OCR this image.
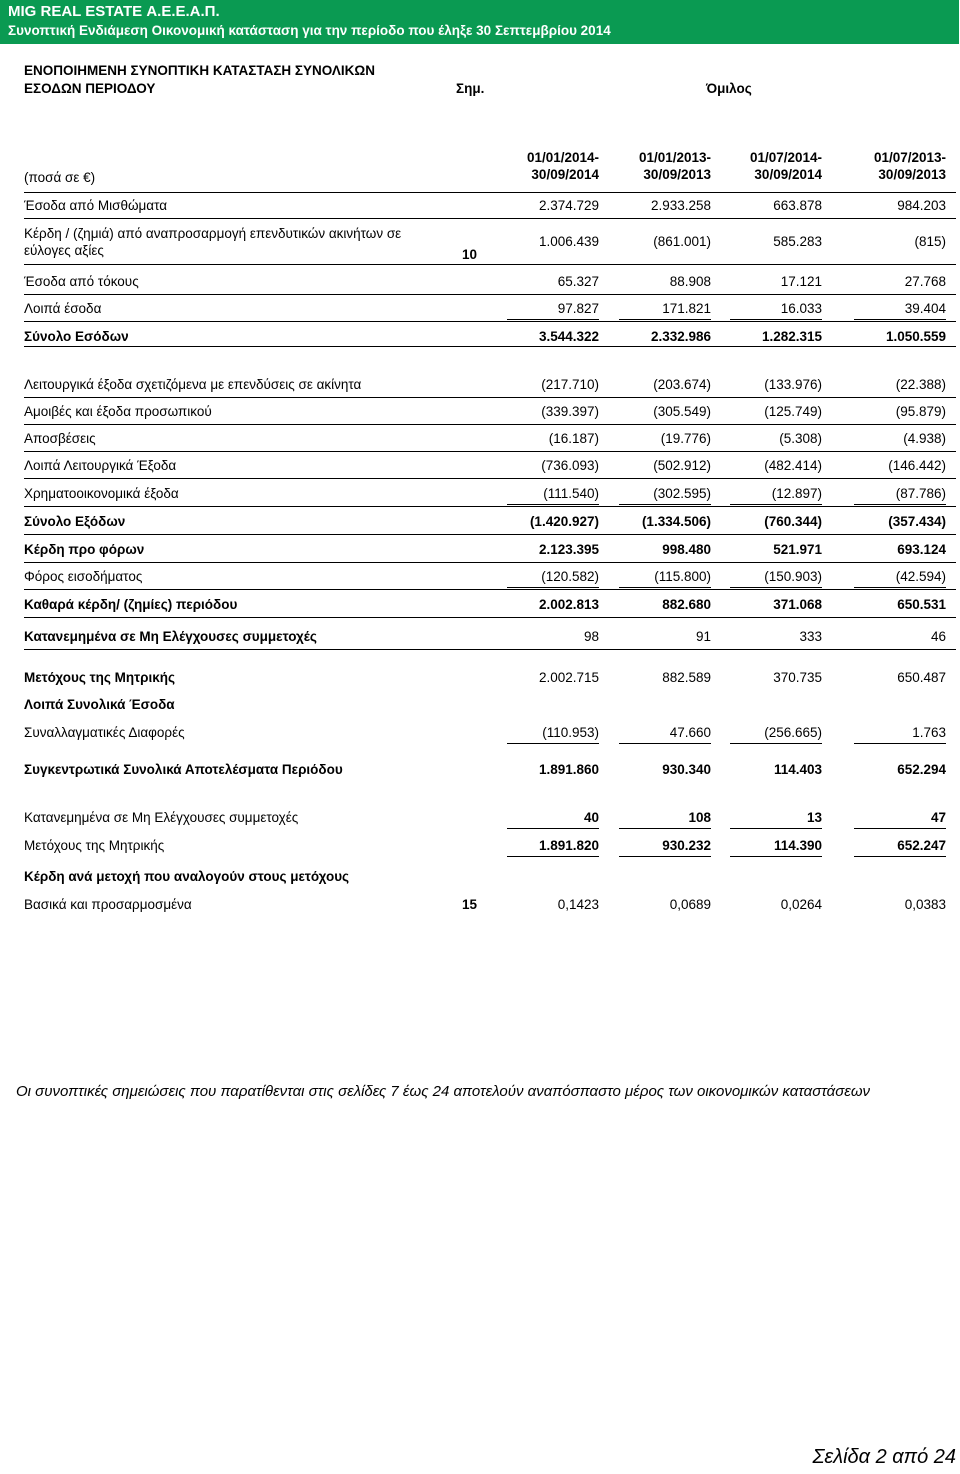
MIG REAL ESTATE Α.Ε.Ε.Α.Π.
Συνοπτική Ενδιάμεση Οικονομική κατάσταση για την περίοδο που έληξε 30 Σεπτεμβρίου 2014
ΕΝΟΠΟΙΗΜΕΝΗ ΣΥΝΟΠΤΙΚΗ ΚΑΤΑΣΤΑΣΗ ΣΥΝΟΛΙΚΩΝ
ΕΣΟΔΩΝ ΠΕΡΙΟΔΟΥ	Σημ.	Όμιλος
(ποσά σε €)
01/01/2014-
30/09/2014
01/01/2013-
30/09/2013
01/07/2014-
30/09/2014
01/07/2013-
30/09/2013
Έσοδα από Μισθώματα	2.374.729	2.933.258	663.878	984.203
Κέρδη / (ζημιά) από αναπροσαρμογή επενδυτικών ακινήτων σε
εύλογες αξίες	10
1.006.439	(861.001)	585.283	(815)
Έσοδα από τόκους	65.327	88.908	17.121	27.768
Λοιπά έσοδα	97.827	171.821	16.033	39.404
Σύνολο Εσόδων	3.544.322	2.332.986	1.282.315	1.050.559
Λειτουργικά έξοδα σχετιζόμενα με επενδύσεις σε ακίνητα	(217.710)	(203.674)	(133.976)	(22.388)
Αμοιβές και έξοδα προσωπικού	(339.397)	(305.549)	(125.749)	(95.879)
Αποσβέσεις	(16.187)	(19.776)	(5.308)	(4.938)
Λοιπά Λειτουργικά Έξοδα	(736.093)	(502.912)	(482.414)	(146.442)
Χρηματοοικονομικά έξοδα	(111.540)	(302.595)	(12.897)	(87.786)
Σύνολο Εξόδων	(1.420.927)	(1.334.506)	(760.344)	(357.434)
Κέρδη προ φόρων	2.123.395	998.480	521.971	693.124
Φόρος εισοδήματος	(120.582)	(115.800)	(150.903)	(42.594)
Καθαρά κέρδη/ (ζημίες) περιόδου	2.002.813	882.680	371.068	650.531
Κατανεμημένα σε Μη Ελέγχουσες συμμετοχές	98	91	333	46
Μετόχους της Μητρικής	2.002.715	882.589	370.735	650.487
Λοιπά Συνολικά Έσοδα
Συναλλαγματικές Διαφορές	(110.953)	47.660	(256.665)	1.763
Συγκεντρωτικά Συνολικά Αποτελέσματα Περιόδου	1.891.860	930.340	114.403	652.294
Κατανεμημένα σε Μη Ελέγχουσες συμμετοχές	40	108	13	47
Μετόχους της Μητρικής	1.891.820	930.232	114.390	652.247
Κέρδη ανά μετοχή που αναλογούν στους μετόχους
Βασικά και προσαρμοσμένα	15	0,1423	0,0689	0,0264	0,0383
Οι συνοπτικές σημειώσεις που παρατίθενται στις σελίδες 7 έως 24 αποτελούν αναπόσπαστο μέρος των οικονομικών καταστάσεων
Σελίδα 2 από 24
